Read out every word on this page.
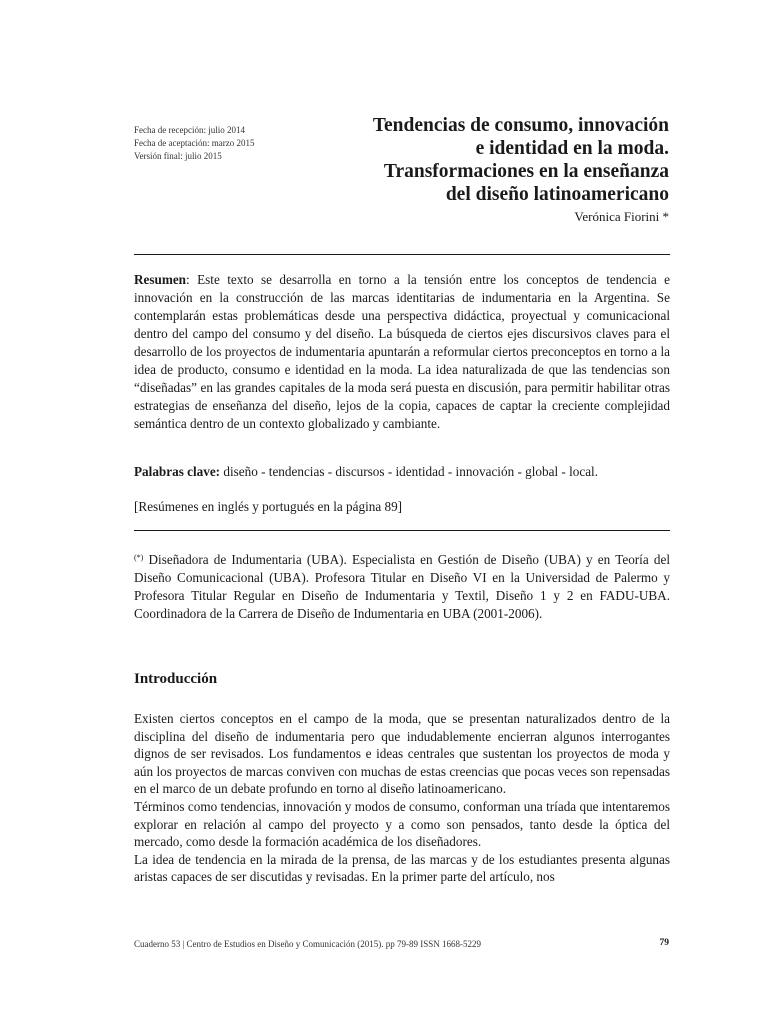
Fecha de recepción: julio 2014
Fecha de aceptación: marzo 2015
Versión final: julio 2015
Tendencias de consumo, innovación
e identidad en la moda.
Transformaciones en la enseñanza
del diseño latinoamericano
Verónica Fiorini *
Resumen: Este texto se desarrolla en torno a la tensión entre los conceptos de tendencia e innovación en la construcción de las marcas identitarias de indumentaria en la Argentina. Se contemplarán estas problemáticas desde una perspectiva didáctica, proyectual y comunicacional dentro del campo del consumo y del diseño. La búsqueda de ciertos ejes discursivos claves para el desarrollo de los proyectos de indumentaria apuntarán a reformular ciertos preconceptos en torno a la idea de producto, consumo e identidad en la moda. La idea naturalizada de que las tendencias son “diseñadas” en las grandes capitales de la moda será puesta en discusión, para permitir habilitar otras estrategias de enseñanza del diseño, lejos de la copia, capaces de captar la creciente complejidad semántica dentro de un contexto globalizado y cambiante.
Palabras clave: diseño - tendencias - discursos - identidad - innovación - global - local.
[Resúmenes en inglés y portugués en la página 89]
(*) Diseñadora de Indumentaria (UBA). Especialista en Gestión de Diseño (UBA) y en Teoría del Diseño Comunicacional (UBA). Profesora Titular en Diseño VI en la Universidad de Palermo y Profesora Titular Regular en Diseño de Indumentaria y Textil, Diseño 1 y 2 en FADU-UBA. Coordinadora de la Carrera de Diseño de Indumentaria en UBA (2001-2006).
Introducción

Existen ciertos conceptos en el campo de la moda, que se presentan naturalizados dentro de la disciplina del diseño de indumentaria pero que indudablemente encierran algunos interrogantes dignos de ser revisados. Los fundamentos e ideas centrales que sustentan los proyectos de moda y aún los proyectos de marcas conviven con muchas de estas creencias que pocas veces son repensadas en el marco de un debate profundo en torno al diseño latinoamericano.

Términos como tendencias, innovación y modos de consumo, conforman una tríada que intentaremos explorar en relación al campo del proyecto y a como son pensados, tanto desde la óptica del mercado, como desde la formación académica de los diseñadores.

La idea de tendencia en la mirada de la prensa, de las marcas y de los estudiantes presenta algunas aristas capaces de ser discutidas y revisadas. En la primer parte del artículo, nos

Cuaderno 53 | Centro de Estudios en Diseño y Comunicación (2015). pp 79-89 ISSN 1668-5229	79
